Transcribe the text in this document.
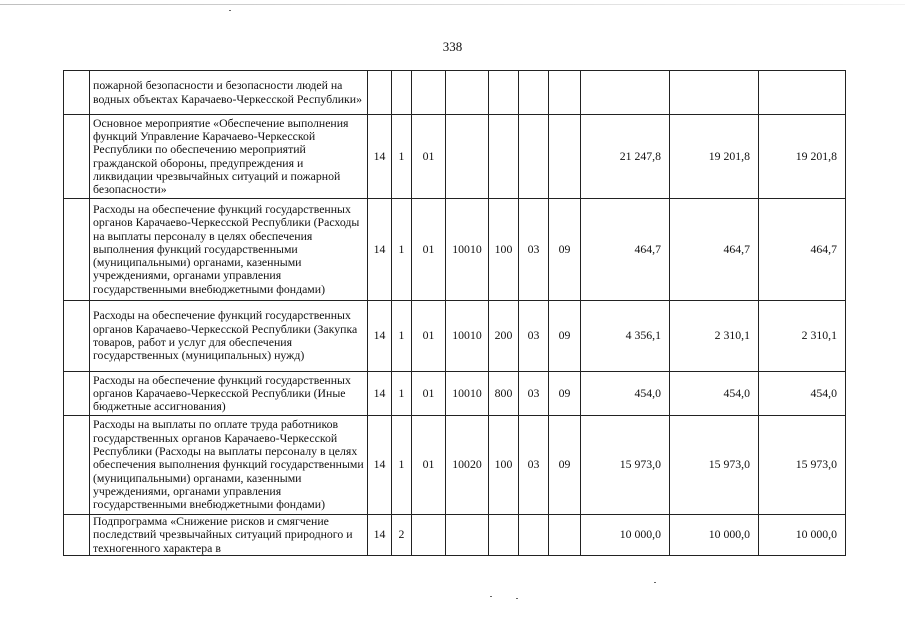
338
	пожарной безопасности и безопасности людей на водных объектах Карачаево-Черкесской Республики»										
	Основное мероприятие «Обеспечение выполнения функций Управление Карачаево-Черкесской Республики по обеспечению мероприятий гражданской обороны, предупреждения и ликвидации чрезвычайных ситуаций и пожарной безопасности»	14	1	01					21 247,8	19 201,8	19 201,8
	Расходы на обеспечение функций государственных органов Карачаево-Черкесской Республики (Расходы на выплаты персоналу в целях обеспечения выполнения функций государственными (муниципальными) органами, казенными учреждениями, органами управления государственными внебюджетными фондами)	14	1	01	10010	100	03	09	464,7	464,7	464,7
	Расходы на обеспечение функций государственных органов Карачаево-Черкесской Республики (Закупка товаров, работ и услуг для обеспечения государственных (муниципальных) нужд)	14	1	01	10010	200	03	09	4 356,1	2 310,1	2 310,1
	Расходы на обеспечение функций государственных органов Карачаево-Черкесской Республики (Иные бюджетные ассигнования)	14	1	01	10010	800	03	09	454,0	454,0	454,0
	Расходы на выплаты по оплате труда работников государственных органов Карачаево-Черкесской Республики (Расходы на выплаты персоналу в целях обеспечения выполнения функций государственными (муниципальными) органами, казенными учреждениями, органами управления государственными внебюджетными фондами)	14	1	01	10020	100	03	09	15 973,0	15 973,0	15 973,0
	Подпрограмма «Снижение рисков и смягчение последствий чрезвычайных ситуаций природного и техногенного характера в	14	2						10 000,0	10 000,0	10 000,0
